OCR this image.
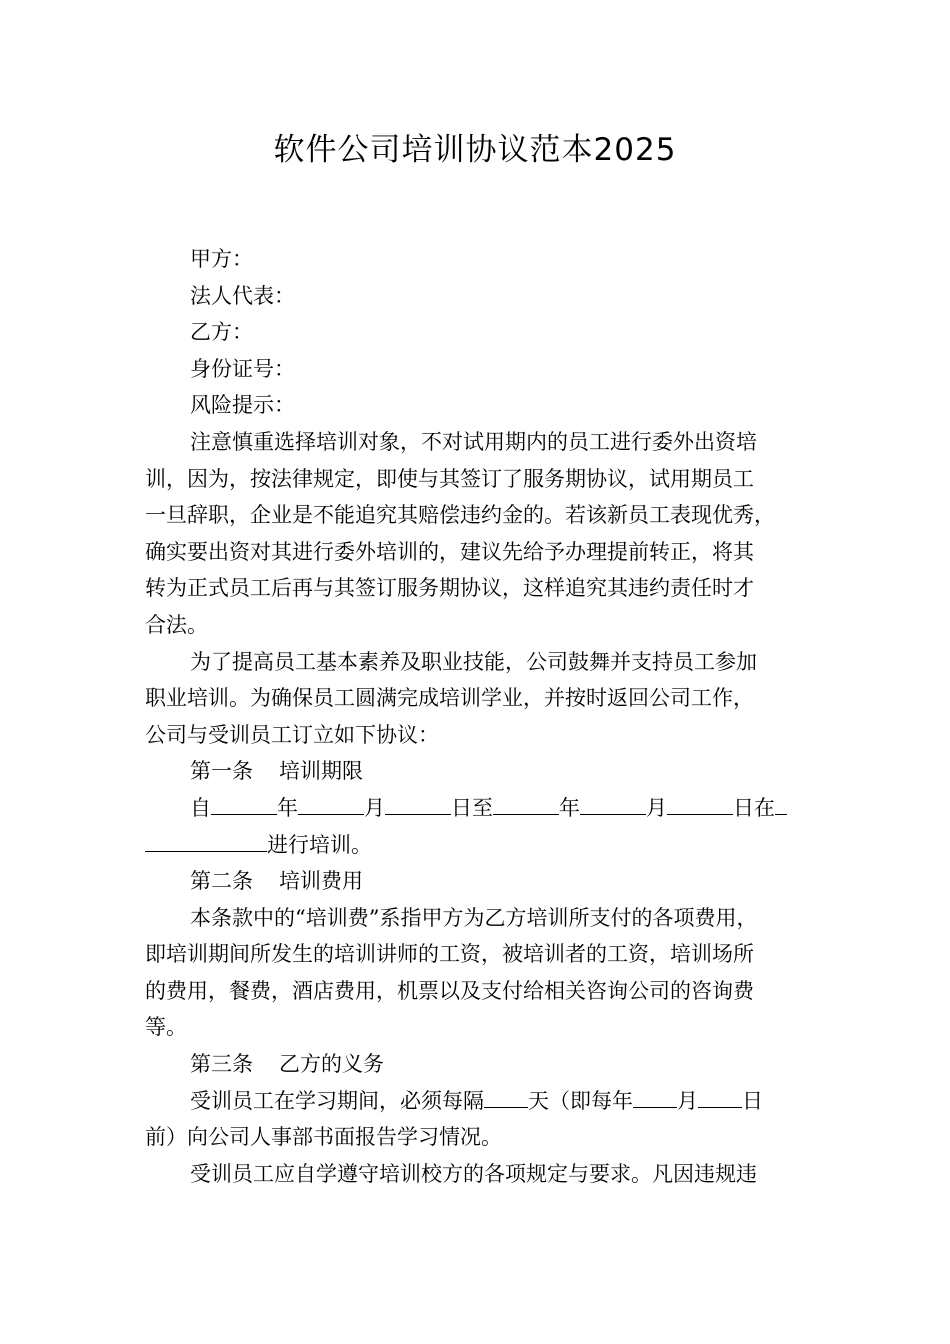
软件公司培训协议范本2025

甲方：

法人代表：

乙方：

身份证号：

风险提示：

注意慎重选择培训对象，不对试用期内的员工进行委外出资培

训，因为，按法律规定，即使与其签订了服务期协议，试用期员工

一旦辞职，企业是不能追究其赔偿违约金的。若该新员工表现优秀，

确实要出资对其进行委外培训的，建议先给予办理提前转正，将其

转为正式员工后再与其签订服务期协议，这样追究其违约责任时才

合法。

为了提高员工基本素养及职业技能，公司鼓舞并支持员工参加

职业培训。为确保员工圆满完成培训学业，并按时返回公司工作，

公司与受训员工订立如下协议：

第一条 培训期限

自	年	月	日至	年	月	日在

进行培训。

第二条 培训费用

本条款中的“培训费”系指甲方为乙方培训所支付的各项费用，

即培训期间所发生的培训讲师的工资，被培训者的工资，培训场所

的费用，餐费，酒店费用，机票以及支付给相关咨询公司的咨询费

等。

第三条 乙方的义务

受训员工在学习期间，必须每隔 天（即每年 月 日

前）向公司人事部书面报告学习情况。

受训员工应自学遵守培训校方的各项规定与要求。凡因违规违
